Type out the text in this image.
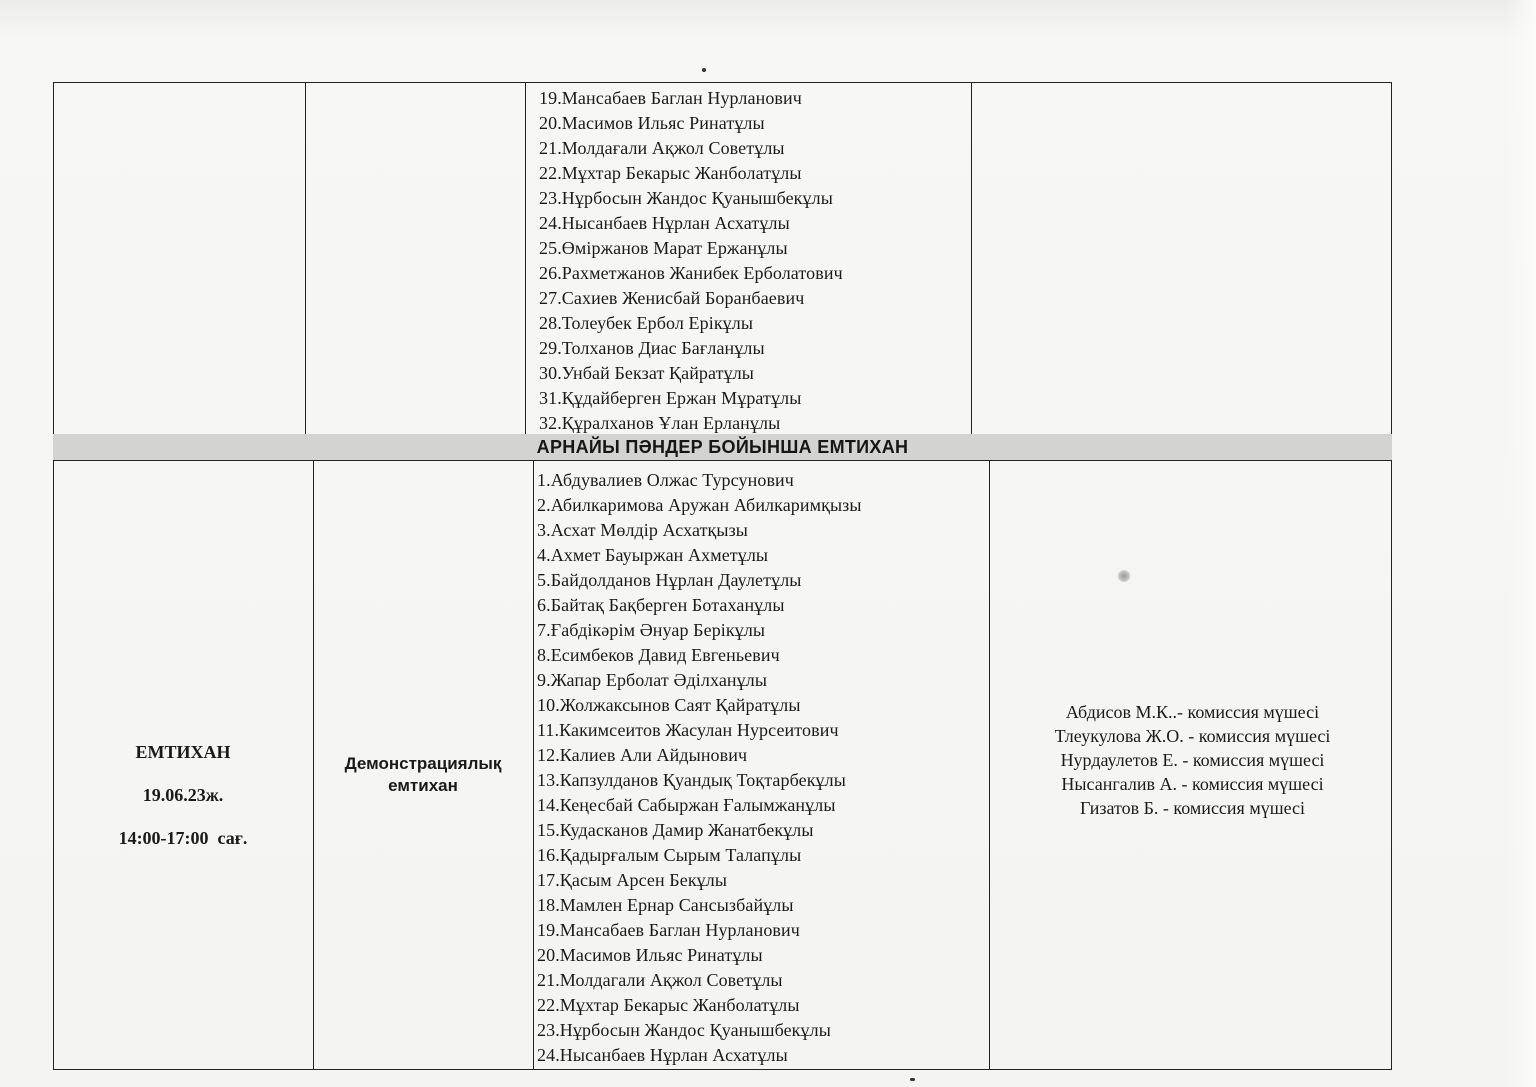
19.Мансабаев Баглан Нурланович
20.Масимов Ильяс Ринатұлы
21.Молдағали Ақжол Советұлы
22.Мұхтар Бекарыс Жанболатұлы
23.Нұрбосын Жандос Қуанышбекұлы
24.Нысанбаев Нұрлан Асхатұлы
25.Өміржанов Марат Ержанұлы
26.Рахметжанов Жанибек Ерболатович
27.Сахиев Женисбай Боранбаевич
28.Толеубек Ербол Ерікұлы
29.Толханов Диас Бағланұлы
30.Унбай Бекзат Қайратұлы
31.Құдайберген Ержан Мұратұлы
32.Құралханов Ұлан Ерланұлы
АРНАЙЫ ПӘНДЕР БОЙЫНША ЕМТИХАН
ЕМТИХАН
19.06.23ж.
14:00-17:00  сағ.
Демонстрациялық
емтихан
1.Абдувалиев Олжас Турсунович
2.Абилкаримова Аружан Абилкаримқызы
3.Асхат Мөлдір Асхатқызы
4.Ахмет Бауыржан Ахметұлы
5.Байдолданов Нұрлан Даулетұлы
6.Байтақ Бақберген Ботаханұлы
7.Ғабдікәрім Әнуар Берікұлы
8.Есимбеков Давид Евгеньевич
9.Жапар Ерболат Әділханұлы
10.Жолжаксынов Саят Қайратұлы
11.Какимсеитов Жасулан Нурсеитович
12.Калиев Али Айдынович
13.Капзулданов Қуандық Тоқтарбекұлы
14.Кеңесбай Сабыржан Ғалымжанұлы
15.Кудасканов Дамир Жанатбекұлы
16.Қадырғалым Сырым Талапұлы
17.Қасым Арсен Бекұлы
18.Мамлен Ернар Сансызбайұлы
19.Мансабаев Баглан Нурланович
20.Масимов Ильяс Ринатұлы
21.Молдагали Ақжол Советұлы
22.Мұхтар Бекарыс Жанболатұлы
23.Нұрбосын Жандос Қуанышбекұлы
24.Нысанбаев Нұрлан Асхатұлы
Абдисов М.К..- комиссия мүшесі
Тлеукулова Ж.О. - комиссия мүшесі
Нурдаулетов Е. - комиссия мүшесі
Нысангалив А. - комиссия мүшесі
Гизатов Б. - комиссия мүшесі
